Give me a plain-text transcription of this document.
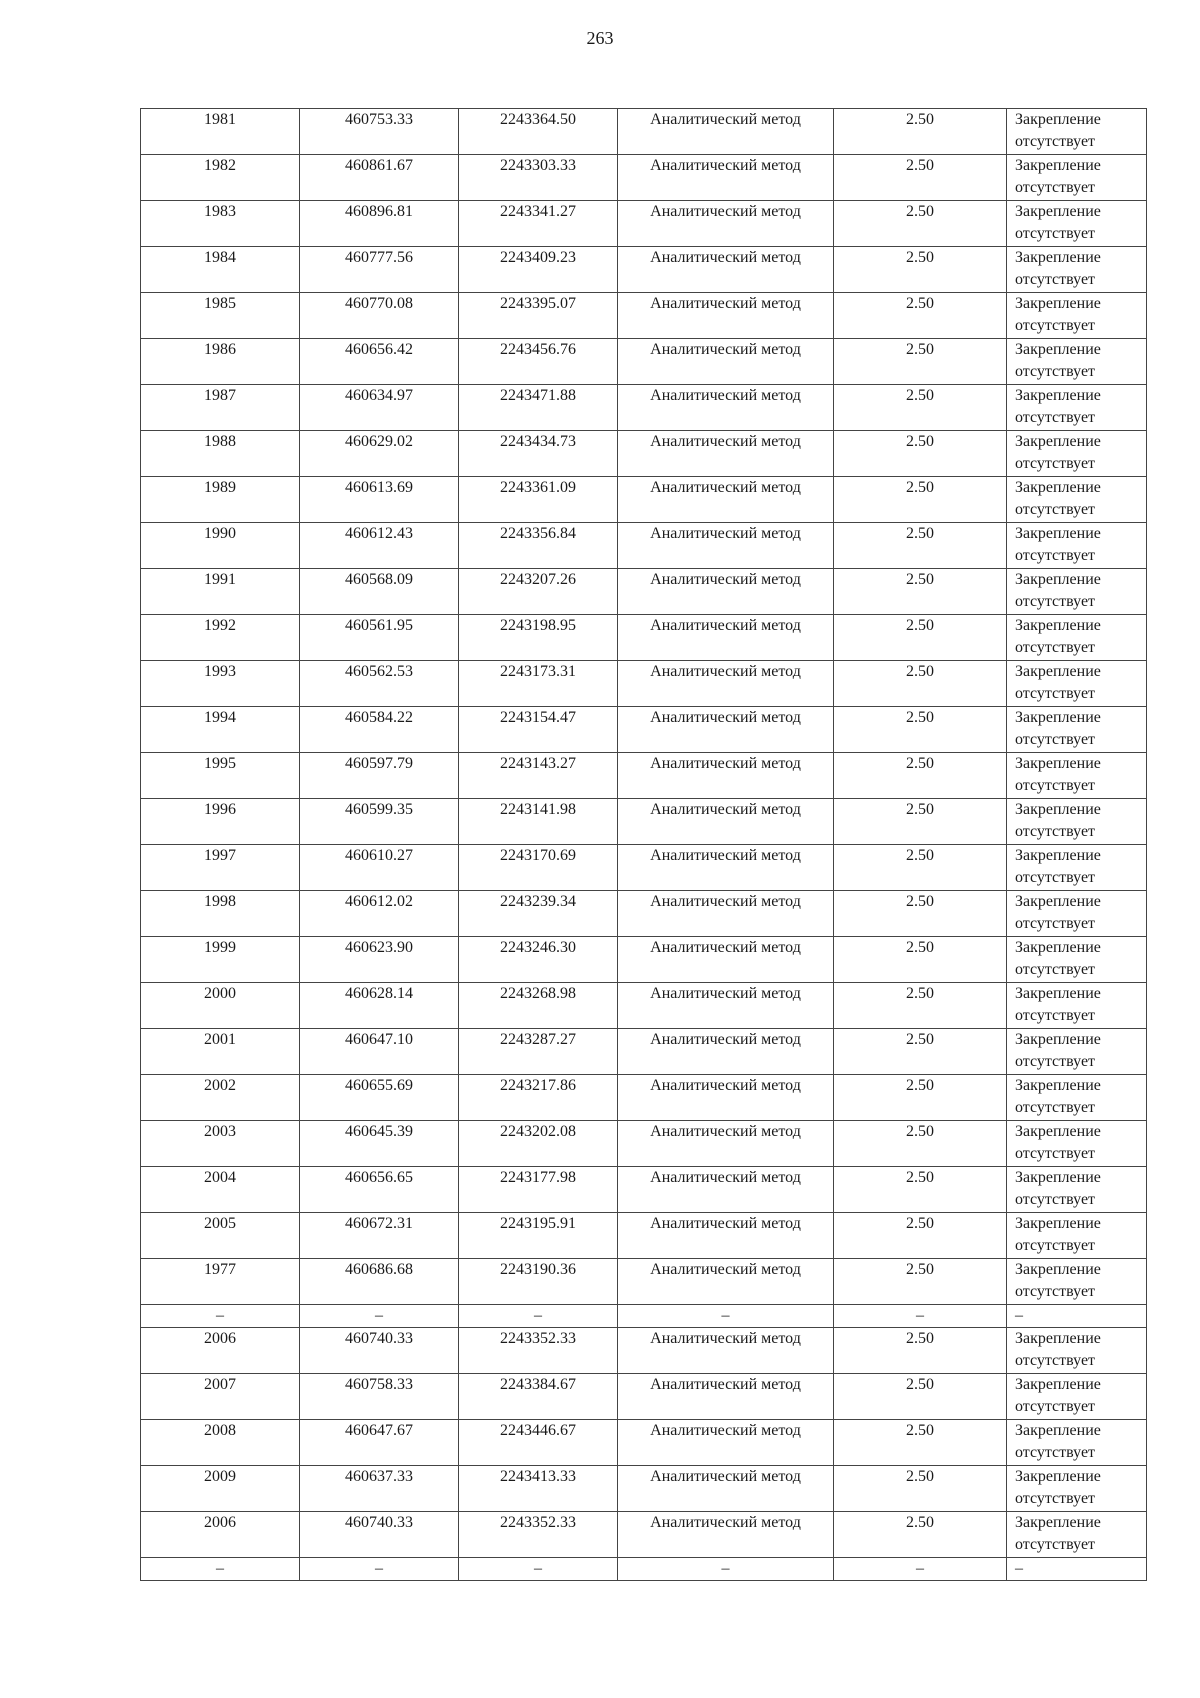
263
1981	460753.33	2243364.50	Аналитический метод	2.50	Закрепление отсутствует
1982	460861.67	2243303.33	Аналитический метод	2.50	Закрепление отсутствует
1983	460896.81	2243341.27	Аналитический метод	2.50	Закрепление отсутствует
1984	460777.56	2243409.23	Аналитический метод	2.50	Закрепление отсутствует
1985	460770.08	2243395.07	Аналитический метод	2.50	Закрепление отсутствует
1986	460656.42	2243456.76	Аналитический метод	2.50	Закрепление отсутствует
1987	460634.97	2243471.88	Аналитический метод	2.50	Закрепление отсутствует
1988	460629.02	2243434.73	Аналитический метод	2.50	Закрепление отсутствует
1989	460613.69	2243361.09	Аналитический метод	2.50	Закрепление отсутствует
1990	460612.43	2243356.84	Аналитический метод	2.50	Закрепление отсутствует
1991	460568.09	2243207.26	Аналитический метод	2.50	Закрепление отсутствует
1992	460561.95	2243198.95	Аналитический метод	2.50	Закрепление отсутствует
1993	460562.53	2243173.31	Аналитический метод	2.50	Закрепление отсутствует
1994	460584.22	2243154.47	Аналитический метод	2.50	Закрепление отсутствует
1995	460597.79	2243143.27	Аналитический метод	2.50	Закрепление отсутствует
1996	460599.35	2243141.98	Аналитический метод	2.50	Закрепление отсутствует
1997	460610.27	2243170.69	Аналитический метод	2.50	Закрепление отсутствует
1998	460612.02	2243239.34	Аналитический метод	2.50	Закрепление отсутствует
1999	460623.90	2243246.30	Аналитический метод	2.50	Закрепление отсутствует
2000	460628.14	2243268.98	Аналитический метод	2.50	Закрепление отсутствует
2001	460647.10	2243287.27	Аналитический метод	2.50	Закрепление отсутствует
2002	460655.69	2243217.86	Аналитический метод	2.50	Закрепление отсутствует
2003	460645.39	2243202.08	Аналитический метод	2.50	Закрепление отсутствует
2004	460656.65	2243177.98	Аналитический метод	2.50	Закрепление отсутствует
2005	460672.31	2243195.91	Аналитический метод	2.50	Закрепление отсутствует
1977	460686.68	2243190.36	Аналитический метод	2.50	Закрепление отсутствует
–	–	–	–	–	–
2006	460740.33	2243352.33	Аналитический метод	2.50	Закрепление отсутствует
2007	460758.33	2243384.67	Аналитический метод	2.50	Закрепление отсутствует
2008	460647.67	2243446.67	Аналитический метод	2.50	Закрепление отсутствует
2009	460637.33	2243413.33	Аналитический метод	2.50	Закрепление отсутствует
2006	460740.33	2243352.33	Аналитический метод	2.50	Закрепление отсутствует
–	–	–	–	–	–
